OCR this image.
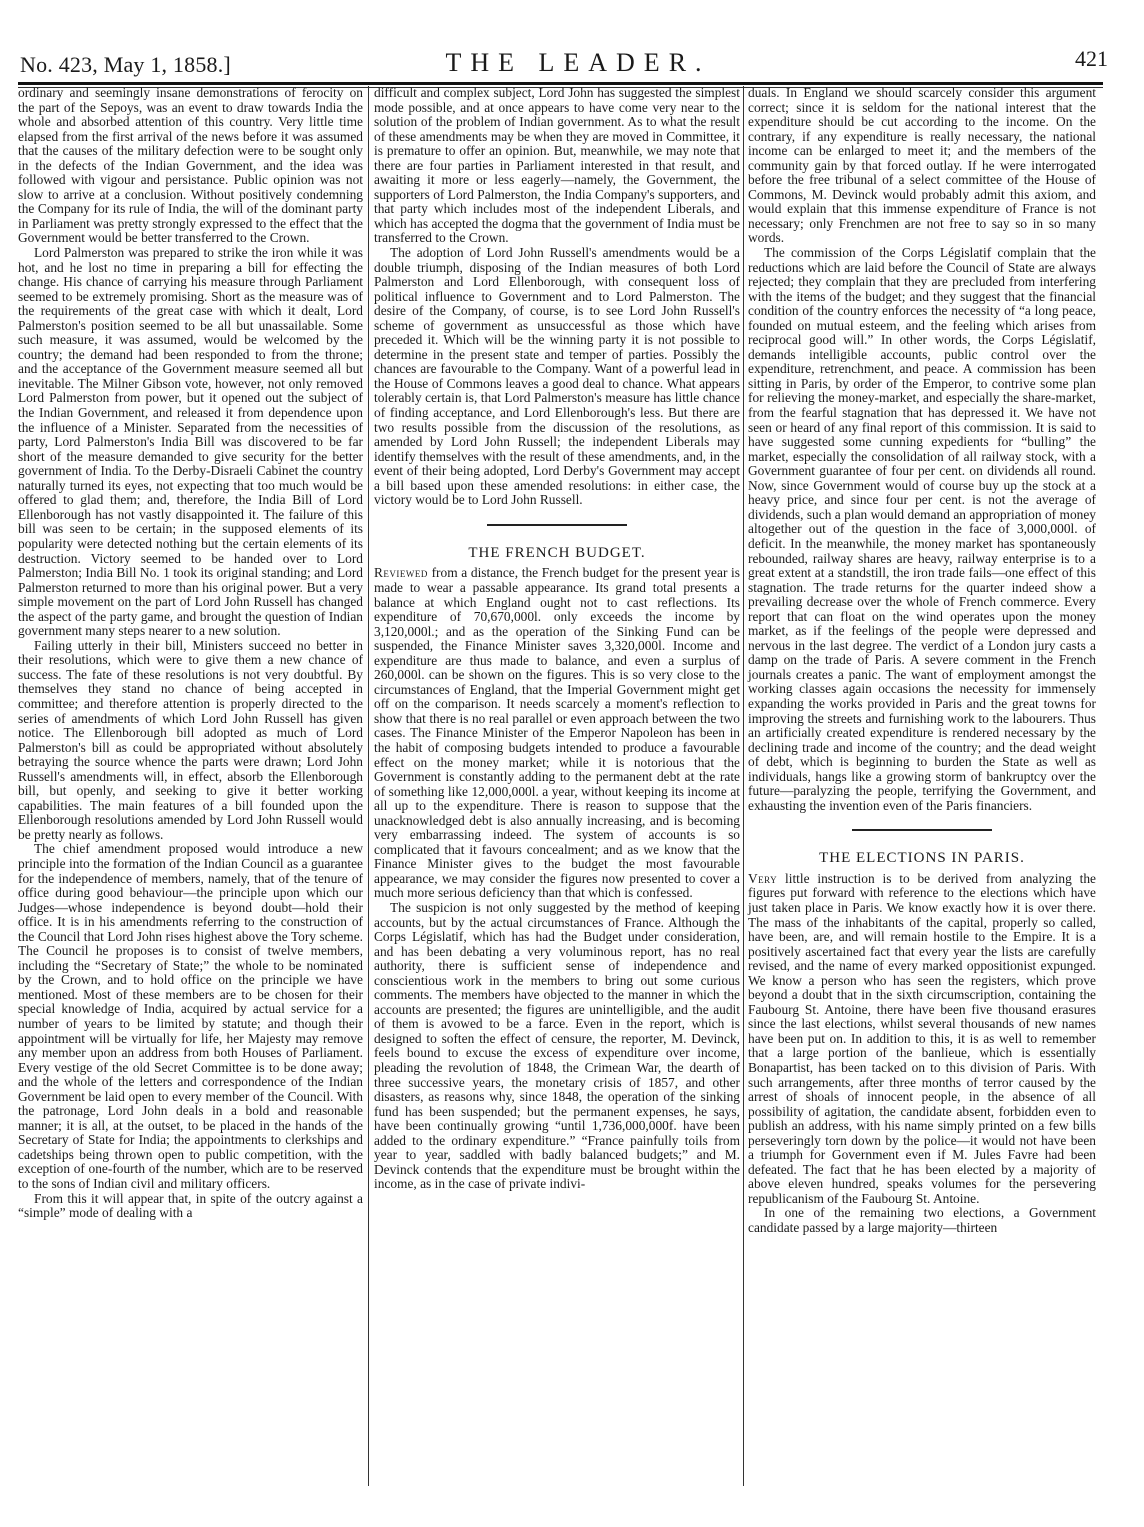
No. 423, May 1, 1858.]	THE LEADER.	421

ordinary and seemingly insane demonstrations of ferocity on the part of the Sepoys, was an event to draw towards India the whole and absorbed attention of this country. Very little time elapsed from the first arrival of the news before it was assumed that the causes of the military defection were to be sought only in the defects of the Indian Government, and the idea was followed with vigour and persistance. Public opinion was not slow to arrive at a conclusion. Without positively condemning the Company for its rule of India, the will of the dominant party in Parliament was pretty strongly expressed to the effect that the Government would be better transferred to the Crown.

Lord Palmerston was prepared to strike the iron while it was hot, and he lost no time in preparing a bill for effecting the change. His chance of carrying his measure through Parliament seemed to be extremely promising. Short as the measure was of the requirements of the great case with which it dealt, Lord Palmerston's position seemed to be all but unassailable. Some such measure, it was assumed, would be welcomed by the country; the demand had been responded to from the throne; and the acceptance of the Government measure seemed all but inevitable. The Milner Gibson vote, however, not only removed Lord Palmerston from power, but it opened out the subject of the Indian Government, and released it from dependence upon the influence of a Minister. Separated from the necessities of party, Lord Palmerston's India Bill was discovered to be far short of the measure demanded to give security for the better government of India. To the Derby-Disraeli Cabinet the country naturally turned its eyes, not expecting that too much would be offered to glad them; and, therefore, the India Bill of Lord Ellenborough has not vastly disappointed it. The failure of this bill was seen to be certain; in the supposed elements of its popularity were detected nothing but the certain elements of its destruction. Victory seemed to be handed over to Lord Palmerston; India Bill No. 1 took its original standing; and Lord Palmerston returned to more than his original power. But a very simple movement on the part of Lord John Russell has changed the aspect of the party game, and brought the question of Indian government many steps nearer to a new solution.

Failing utterly in their bill, Ministers succeed no better in their resolutions, which were to give them a new chance of success. The fate of these resolutions is not very doubtful. By themselves they stand no chance of being accepted in committee; and therefore attention is properly directed to the series of amendments of which Lord John Russell has given notice. The Ellenborough bill adopted as much of Lord Palmerston's bill as could be appropriated without absolutely betraying the source whence the parts were drawn; Lord John Russell's amendments will, in effect, absorb the Ellenborough bill, but openly, and seeking to give it better working capabilities. The main features of a bill founded upon the Ellenborough resolutions amended by Lord John Russell would be pretty nearly as follows.

The chief amendment proposed would introduce a new principle into the formation of the Indian Council as a guarantee for the independence of members, namely, that of the tenure of office during good behaviour—the principle upon which our Judges—whose independence is beyond doubt—hold their office. It is in his amendments referring to the construction of the Council that Lord John rises highest above the Tory scheme. The Council he proposes is to consist of twelve members, including the “Secretary of State;” the whole to be nominated by the Crown, and to hold office on the principle we have mentioned. Most of these members are to be chosen for their special knowledge of India, acquired by actual service for a number of years to be limited by statute; and though their appointment will be virtually for life, her Majesty may remove any member upon an address from both Houses of Parliament. Every vestige of the old Secret Committee is to be done away; and the whole of the letters and correspondence of the Indian Government be laid open to every member of the Council. With the patronage, Lord John deals in a bold and reasonable manner; it is all, at the outset, to be placed in the hands of the Secretary of State for India; the appointments to clerkships and cadetships being thrown open to public competition, with the exception of one-fourth of the number, which are to be reserved to the sons of Indian civil and military officers.

From this it will appear that, in spite of the outcry against a “simple” mode of dealing with a

difficult and complex subject, Lord John has suggested the simplest mode possible, and at once appears to have come very near to the solution of the problem of Indian government. As to what the result of these amendments may be when they are moved in Committee, it is premature to offer an opinion. But, meanwhile, we may note that there are four parties in Parliament interested in that result, and awaiting it more or less eagerly—namely, the Government, the supporters of Lord Palmerston, the India Company's supporters, and that party which includes most of the independent Liberals, and which has accepted the dogma that the government of India must be transferred to the Crown.

The adoption of Lord John Russell's amendments would be a double triumph, disposing of the Indian measures of both Lord Palmerston and Lord Ellenborough, with consequent loss of political influence to Government and to Lord Palmerston. The desire of the Company, of course, is to see Lord John Russell's scheme of government as unsuccessful as those which have preceded it. Which will be the winning party it is not possible to determine in the present state and temper of parties. Possibly the chances are favourable to the Company. Want of a powerful lead in the House of Commons leaves a good deal to chance. What appears tolerably certain is, that Lord Palmerston's measure has little chance of finding acceptance, and Lord Ellenborough's less. But there are two results possible from the discussion of the resolutions, as amended by Lord John Russell; the independent Liberals may identify themselves with the result of these amendments, and, in the event of their being adopted, Lord Derby's Government may accept a bill based upon these amended resolutions: in either case, the victory would be to Lord John Russell.

THE FRENCH BUDGET.

Reviewed from a distance, the French budget for the present year is made to wear a passable appearance. Its grand total presents a balance at which England ought not to cast reflections. Its expenditure of 70,670,000l. only exceeds the income by 3,120,000l.; and as the operation of the Sinking Fund can be suspended, the Finance Minister saves 3,320,000l. Income and expenditure are thus made to balance, and even a surplus of 260,000l. can be shown on the figures. This is so very close to the circumstances of England, that the Imperial Government might get off on the comparison. It needs scarcely a moment's reflection to show that there is no real parallel or even approach between the two cases. The Finance Minister of the Emperor Napoleon has been in the habit of composing budgets intended to produce a favourable effect on the money market; while it is notorious that the Government is constantly adding to the permanent debt at the rate of something like 12,000,000l. a year, without keeping its income at all up to the expenditure. There is reason to suppose that the unacknowledged debt is also annually increasing, and is becoming very embarrassing indeed. The system of accounts is so complicated that it favours concealment; and as we know that the Finance Minister gives to the budget the most favourable appearance, we may consider the figures now presented to cover a much more serious deficiency than that which is confessed.

The suspicion is not only suggested by the method of keeping accounts, but by the actual circumstances of France. Although the Corps Législatif, which has had the Budget under consideration, and has been debating a very voluminous report, has no real authority, there is sufficient sense of independence and conscientious work in the members to bring out some curious comments. The members have objected to the manner in which the accounts are presented; the figures are unintelligible, and the audit of them is avowed to be a farce. Even in the report, which is designed to soften the effect of censure, the reporter, M. Devinck, feels bound to excuse the excess of expenditure over income, pleading the revolution of 1848, the Crimean War, the dearth of three successive years, the monetary crisis of 1857, and other disasters, as reasons why, since 1848, the operation of the sinking fund has been suspended; but the permanent expenses, he says, have been continually growing “until 1,736,000,000f. have been added to the ordinary expenditure.” “France painfully toils from year to year, saddled with badly balanced budgets;” and M. Devinck contends that the expenditure must be brought within the income, as in the case of private indivi-

duals. In England we should scarcely consider this argument correct; since it is seldom for the national interest that the expenditure should be cut according to the income. On the contrary, if any expenditure is really necessary, the national income can be enlarged to meet it; and the members of the community gain by that forced outlay. If he were interrogated before the free tribunal of a select committee of the House of Commons, M. Devinck would probably admit this axiom, and would explain that this immense expenditure of France is not necessary; only Frenchmen are not free to say so in so many words.

The commission of the Corps Législatif complain that the reductions which are laid before the Council of State are always rejected; they complain that they are precluded from interfering with the items of the budget; and they suggest that the financial condition of the country enforces the necessity of “a long peace, founded on mutual esteem, and the feeling which arises from reciprocal good will.” In other words, the Corps Législatif, demands intelligible accounts, public control over the expenditure, retrenchment, and peace. A commission has been sitting in Paris, by order of the Emperor, to contrive some plan for relieving the money-market, and especially the share-market, from the fearful stagnation that has depressed it. We have not seen or heard of any final report of this commission. It is said to have suggested some cunning expedients for “bulling” the market, especially the consolidation of all railway stock, with a Government guarantee of four per cent. on dividends all round. Now, since Government would of course buy up the stock at a heavy price, and since four per cent. is not the average of dividends, such a plan would demand an appropriation of money altogether out of the question in the face of 3,000,000l. of deficit. In the meanwhile, the money market has spontaneously rebounded, railway shares are heavy, railway enterprise is to a great extent at a standstill, the iron trade fails—one effect of this stagnation. The trade returns for the quarter indeed show a prevailing decrease over the whole of French commerce. Every report that can float on the wind operates upon the money market, as if the feelings of the people were depressed and nervous in the last degree. The verdict of a London jury casts a damp on the trade of Paris. A severe comment in the French journals creates a panic. The want of employment amongst the working classes again occasions the necessity for immensely expanding the works provided in Paris and the great towns for improving the streets and furnishing work to the labourers. Thus an artificially created expenditure is rendered necessary by the declining trade and income of the country; and the dead weight of debt, which is beginning to burden the State as well as individuals, hangs like a growing storm of bankruptcy over the future—paralyzing the people, terrifying the Government, and exhausting the invention even of the Paris financiers.

THE ELECTIONS IN PARIS.

Very little instruction is to be derived from analyzing the figures put forward with reference to the elections which have just taken place in Paris. We know exactly how it is over there. The mass of the inhabitants of the capital, properly so called, have been, are, and will remain hostile to the Empire. It is a positively ascertained fact that every year the lists are carefully revised, and the name of every marked oppositionist expunged. We know a person who has seen the registers, which prove beyond a doubt that in the sixth circumscription, containing the Faubourg St. Antoine, there have been five thousand erasures since the last elections, whilst several thousands of new names have been put on. In addition to this, it is as well to remember that a large portion of the banlieue, which is essentially Bonapartist, has been tacked on to this division of Paris. With such arrangements, after three months of terror caused by the arrest of shoals of innocent people, in the absence of all possibility of agitation, the candidate absent, forbidden even to publish an address, with his name simply printed on a few bills perseveringly torn down by the police—it would not have been a triumph for Government even if M. Jules Favre had been defeated. The fact that he has been elected by a majority of above eleven hundred, speaks volumes for the persevering republicanism of the Faubourg St. Antoine.

In one of the remaining two elections, a Government candidate passed by a large majority—thirteen
